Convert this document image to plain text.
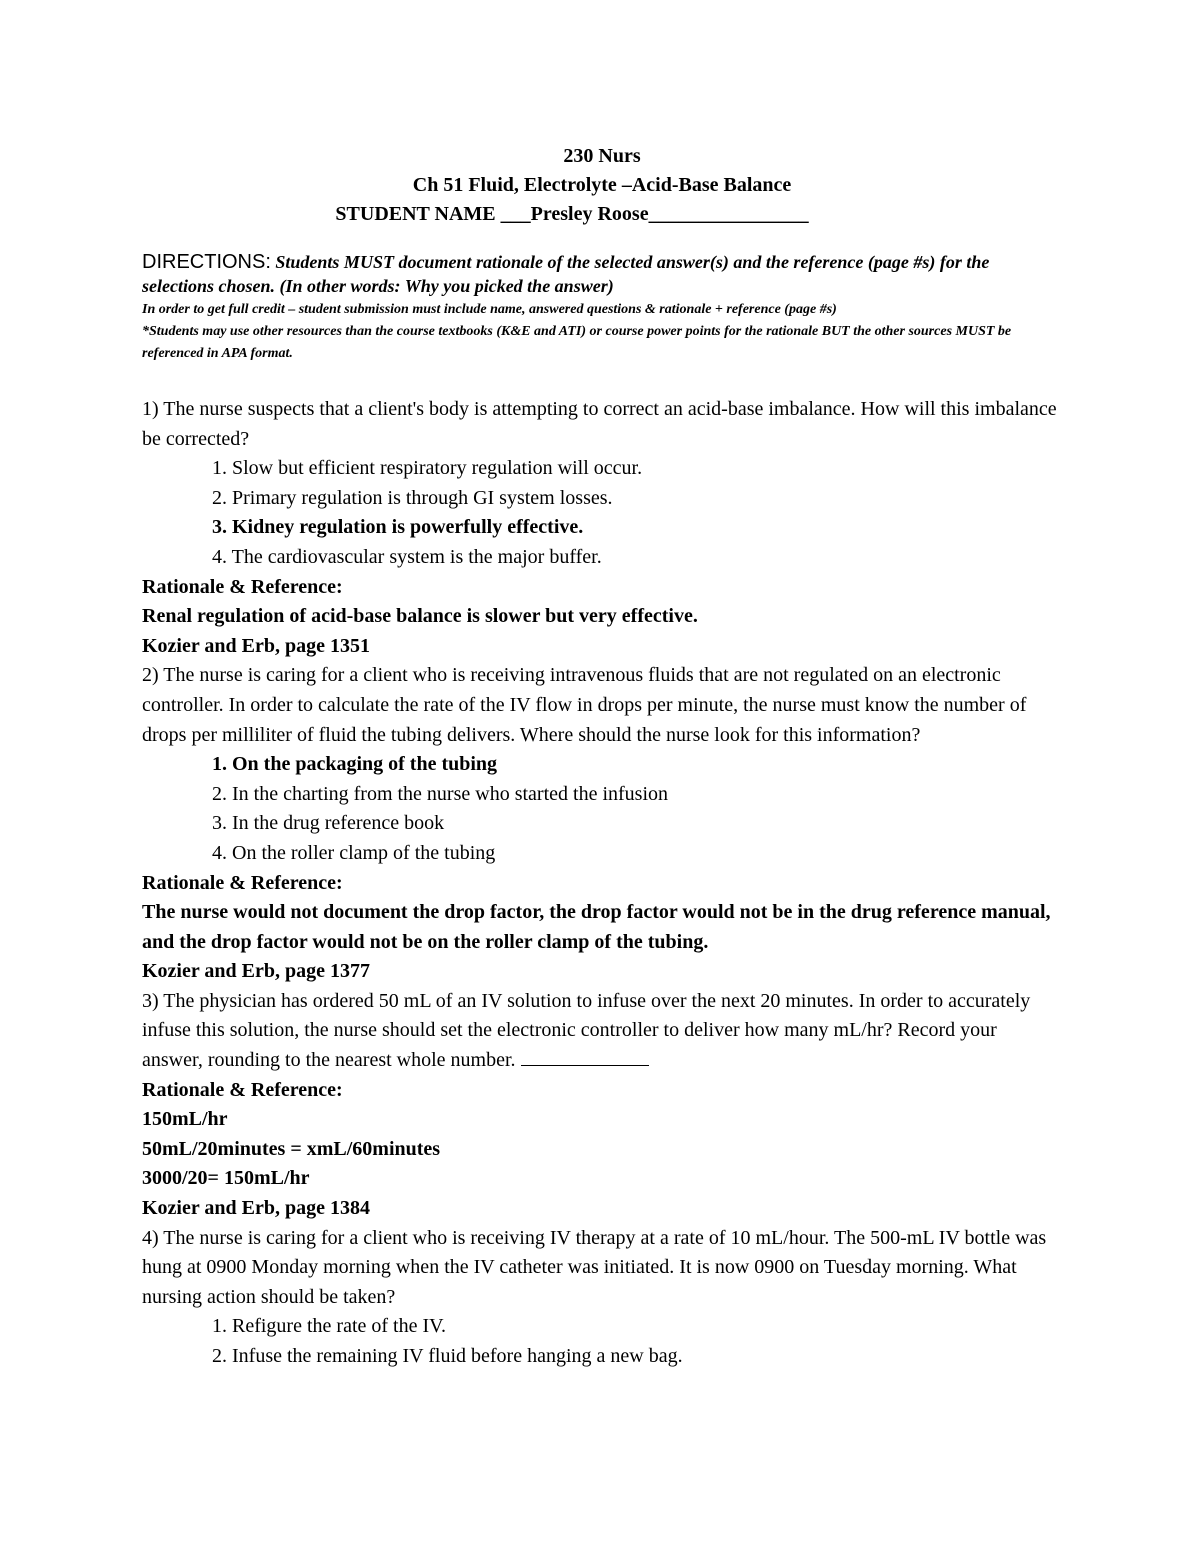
230 Nurs
Ch 51 Fluid, Electrolyte –Acid-Base Balance
STUDENT NAME ___Presley Roose________________
DIRECTIONS: Students MUST document rationale of the selected answer(s) and the reference (page #s) for the selections chosen. (In other words: Why you picked the answer)
In order to get full credit – student submission must include name, answered questions & rationale + reference (page #s)
*Students may use other resources than the course textbooks (K&E and ATI) or course power points for the rationale BUT the other sources MUST be referenced in APA format.

1) The nurse suspects that a client's body is attempting to correct an acid-base imbalance. How will this imbalance be corrected?

1. Slow but efficient respiratory regulation will occur.
2. Primary regulation is through GI system losses.
3. Kidney regulation is powerfully effective.
4. The cardiovascular system is the major buffer.
Rationale & Reference:
Renal regulation of acid-base balance is slower but very effective.
Kozier and Erb, page 1351

2) The nurse is caring for a client who is receiving intravenous fluids that are not regulated on an electronic controller. In order to calculate the rate of the IV flow in drops per minute, the nurse must know the number of drops per milliliter of fluid the tubing delivers. Where should the nurse look for this information?

1. On the packaging of the tubing
2. In the charting from the nurse who started the infusion
3. In the drug reference book
4. On the roller clamp of the tubing
Rationale & Reference:
The nurse would not document the drop factor, the drop factor would not be in the drug reference manual, and the drop factor would not be on the roller clamp of the tubing.
Kozier and Erb, page 1377

3) The physician has ordered 50 mL of an IV solution to infuse over the next 20 minutes. In order to accurately infuse this solution, the nurse should set the electronic controller to deliver how many mL/hr? Record your answer, rounding to the nearest whole number.

Rationale & Reference:
150mL/hr
50mL/20minutes = xmL/60minutes
3000/20= 150mL/hr
Kozier and Erb, page 1384

4) The nurse is caring for a client who is receiving IV therapy at a rate of 10 mL/hour. The 500-mL IV bottle was hung at 0900 Monday morning when the IV catheter was initiated. It is now 0900 on Tuesday morning. What nursing action should be taken?

1. Refigure the rate of the IV.
2. Infuse the remaining IV fluid before hanging a new bag.
